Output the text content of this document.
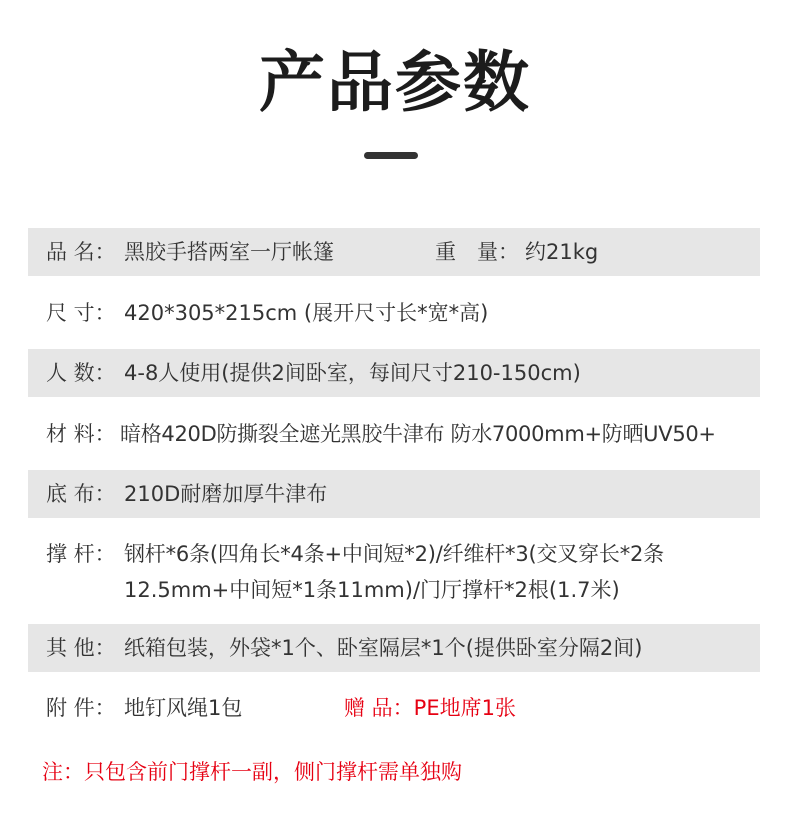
产品参数
品 名： 黑胶手搭两室一厅帐篷	重　量： 约21kg
尺 寸： 420*305*215cm (展开尺寸长*宽*高)
人 数： 4-8人使用(提供2间卧室，每间尺寸210-150cm)
材 料： 暗格420D防撕裂全遮光黑胶牛津布 防水7000mm+防晒UV50+
底 布： 210D耐磨加厚牛津布
撑 杆： 钢杆*6条(四角长*4条+中间短*2)/纤维杆*3(交叉穿长*2条
12.5mm+中间短*1条11mm)/门厅撑杆*2根(1.7米)
其 他： 纸箱包装，外袋*1个、卧室隔层*1个(提供卧室分隔2间)
附 件： 地钉风绳1包	赠 品：PE地席1张
注：只包含前门撑杆一副，侧门撑杆需单独购
